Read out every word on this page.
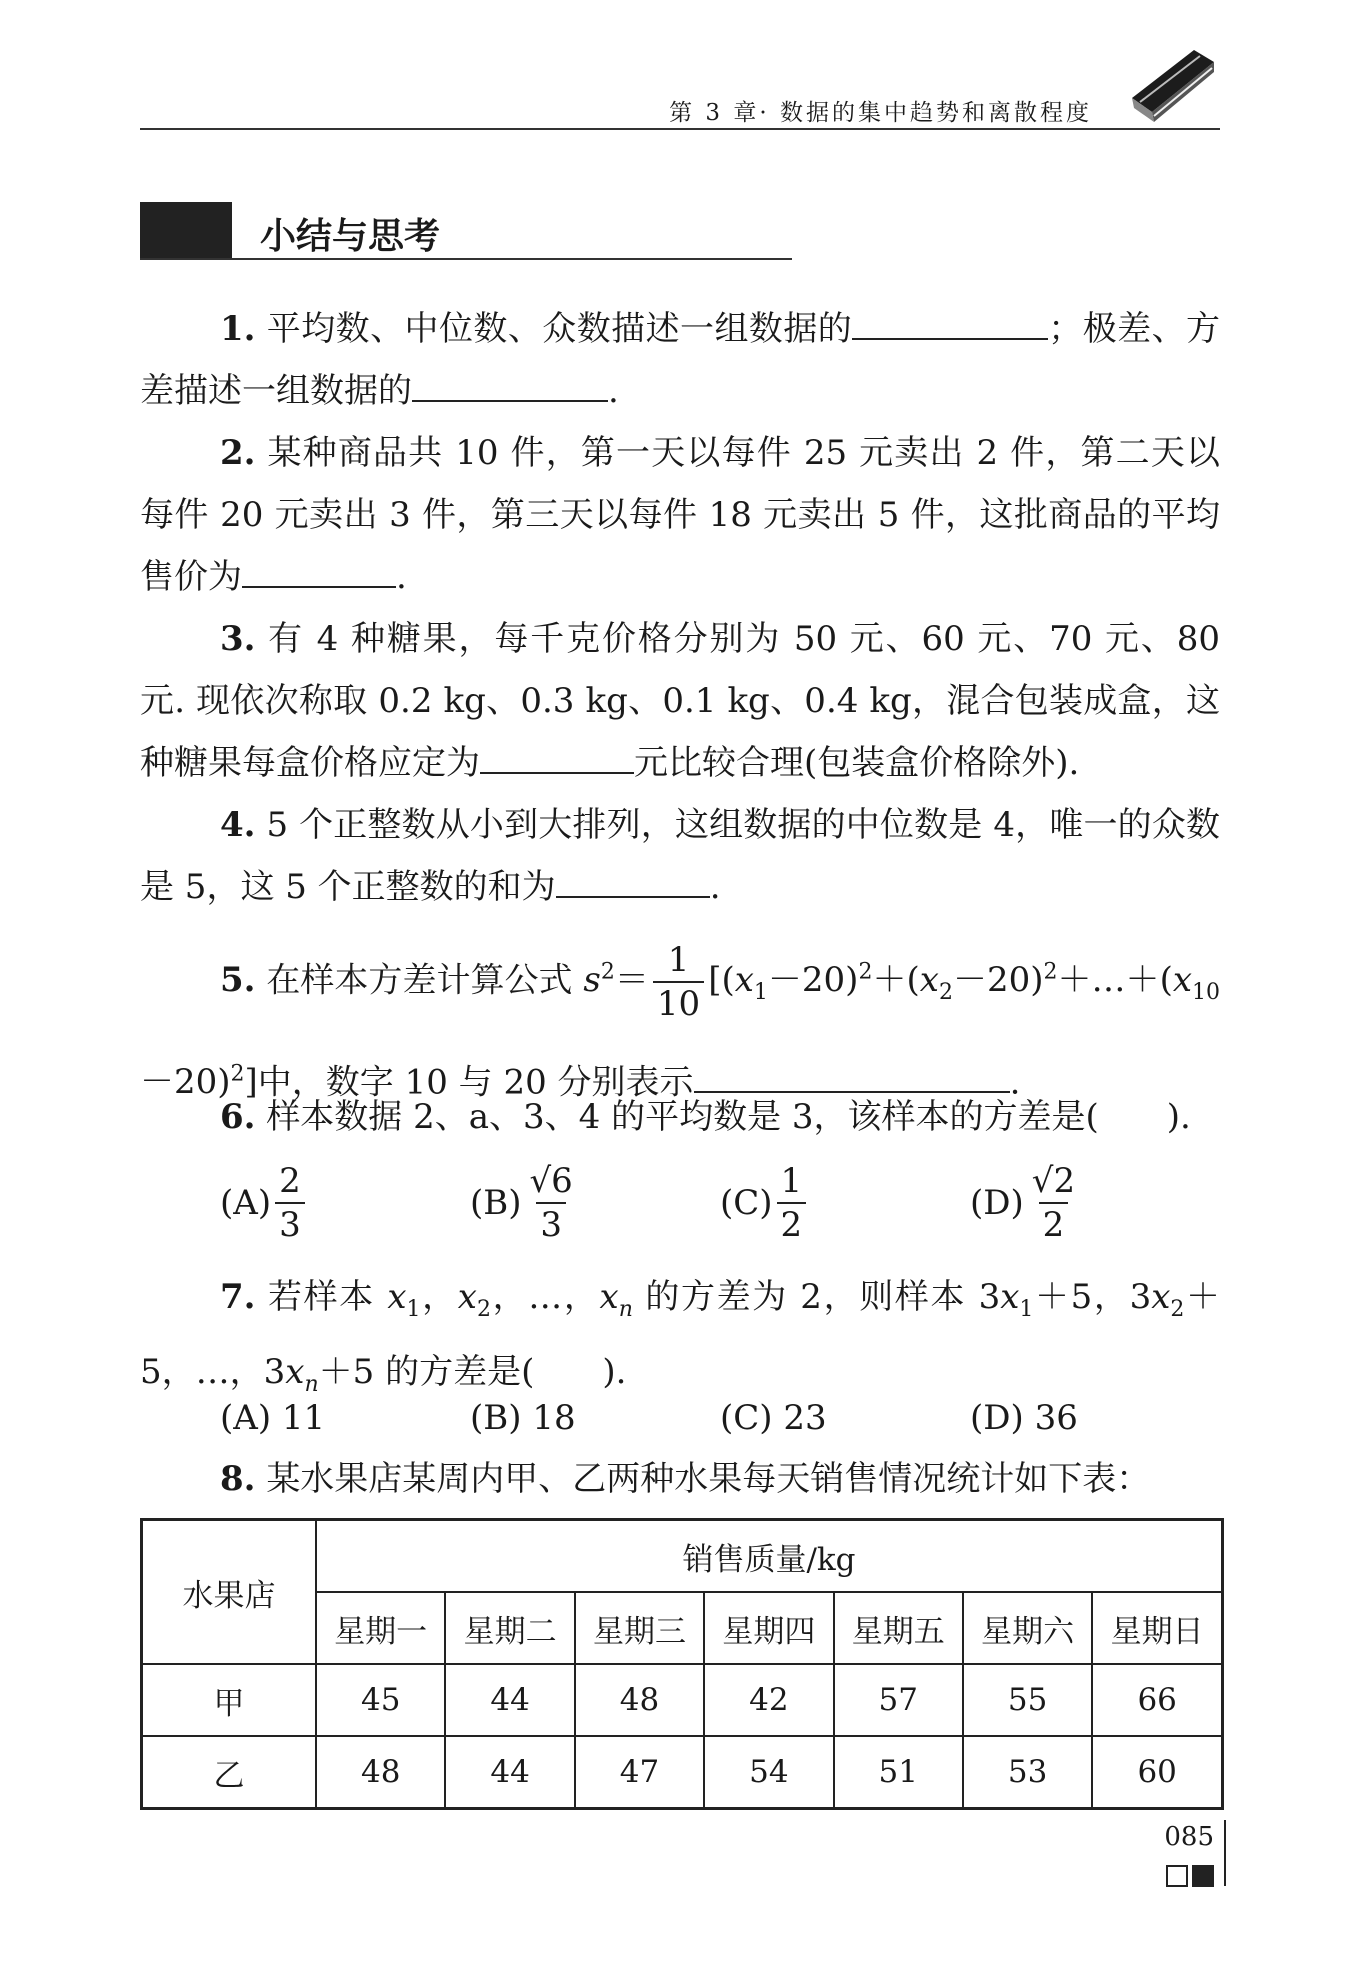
第 3 章· 数据的集中趋势和离散程度
小结与思考
1. 平均数、中位数、众数描述一组数据的	；极差、方差描述一组数据的	.
2. 某种商品共 10 件，第一天以每件 25 元卖出 2 件，第二天以每件 20 元卖出 3 件，第三天以每件 18 元卖出 5 件，这批商品的平均售价为	.
3. 有 4 种糖果，每千克价格分别为 50 元、60 元、70 元、80 元. 现依次称取 0.2 kg、0.3 kg、0.1 kg、0.4 kg，混合包装成盒，这种糖果每盒价格应定为	元比较合理(包装盒价格除外).
4. 5 个正整数从小到大排列，这组数据的中位数是 4，唯一的众数是 5，这 5 个正整数的和为	.
5. 在样本方差计算公式 $s^2= \frac{1}{10}$ $[(x_1-20)^2+(x_2-20)^2+\dots+(x_{10}-20)^2]$中，数字 10 与 20 分别表示	.
6. 样本数据 2、a、3、4 的平均数是 3，该样本的方差是(　　).
$(A) \frac{2}{3}$	$(B) \frac{√6}{3}$	$(C) \frac{1}{2}$	$(D) \frac{√2}{2}$
7. 若样本 $x_1$，$x_2$，…，$x_n$ 的方差为 2，则样本 $3x_1+5$，$3x_2+5$，…，$3x_n+5$ 的方差是(　　).
(A) 11	(B) 18	(C) 23	(D) 36
8. 某水果店某周内甲、乙两种水果每天销售情况统计如下表：
水果店	销售质量/kg						
	星期一	星期二	星期三	星期四	星期五	星期六	星期日
甲	45	44	48	42	57	55	66
乙	48	44	47	54	51	53	60
085
